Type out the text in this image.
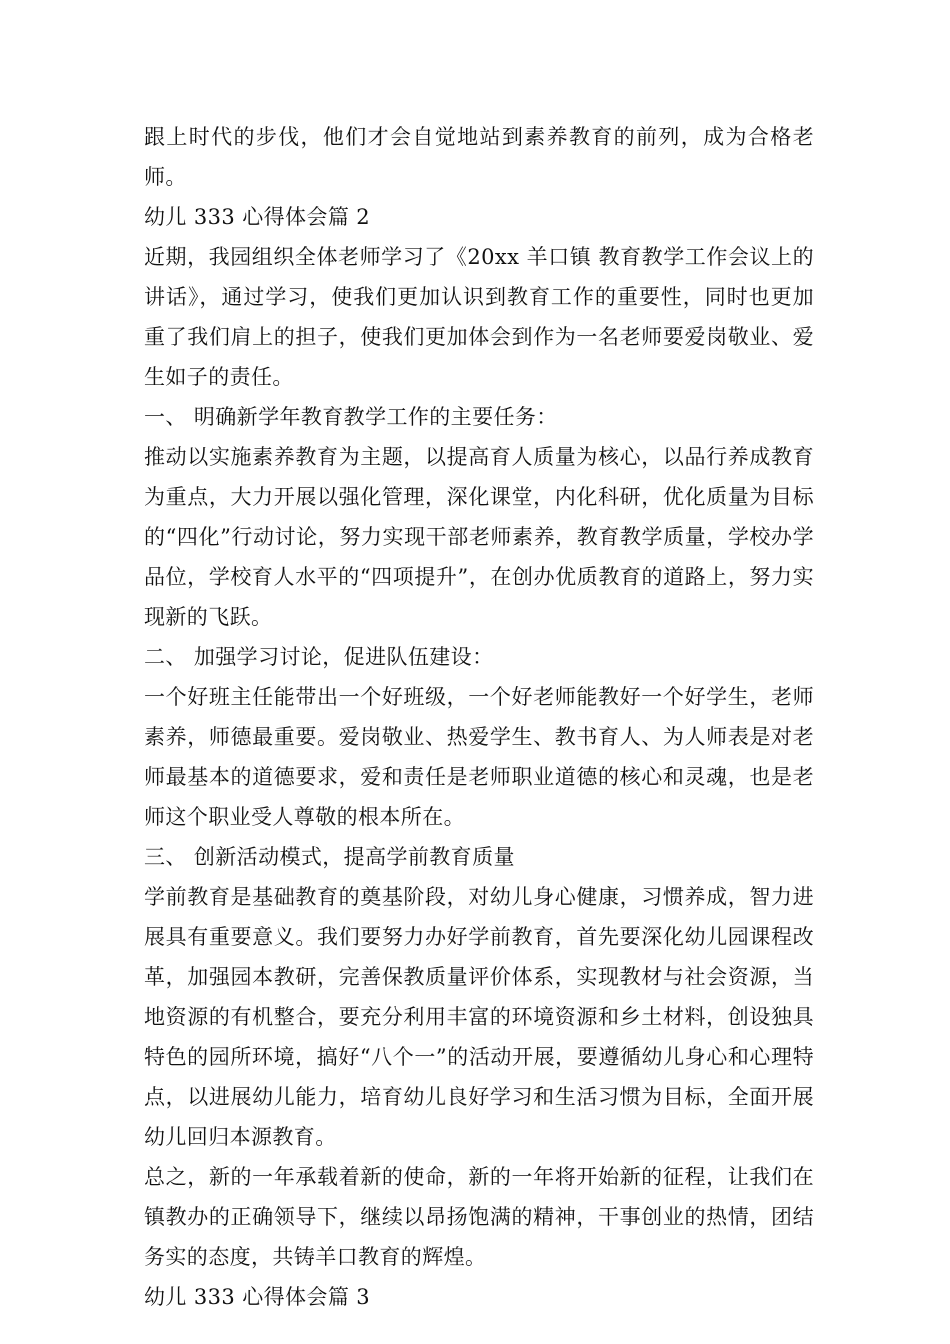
跟上时代的步伐，他们才会自觉地站到素养教育的前列，成为合格老师。

幼儿 333 心得体会篇 2

近期，我园组织全体老师学习了《20xx 羊口镇 教育教学工作会议上的讲话》，通过学习，使我们更加认识到教育工作的重要性，同时也更加重了我们肩上的担子，使我们更加体会到作为一名老师要爱岗敬业、爱生如子的责任。

一、 明确新学年教育教学工作的主要任务：

推动以实施素养教育为主题，以提高育人质量为核心，以品行养成教育为重点，大力开展以强化管理，深化课堂，内化科研，优化质量为目标的“四化”行动讨论，努力实现干部老师素养，教育教学质量，学校办学品位，学校育人水平的“四项提升”，在创办优质教育的道路上，努力实现新的飞跃。

二、 加强学习讨论，促进队伍建设：

一个好班主任能带出一个好班级，一个好老师能教好一个好学生，老师素养，师德最重要。爱岗敬业、热爱学生、教书育人、为人师表是对老师最基本的道德要求，爱和责任是老师职业道德的核心和灵魂，也是老师这个职业受人尊敬的根本所在。

三、 创新活动模式，提高学前教育质量

学前教育是基础教育的奠基阶段，对幼儿身心健康，习惯养成，智力进展具有重要意义。我们要努力办好学前教育，首先要深化幼儿园课程改革，加强园本教研，完善保教质量评价体系，实现教材与社会资源，当地资源的有机整合，要充分利用丰富的环境资源和乡土材料，创设独具特色的园所环境，搞好“八个一”的活动开展，要遵循幼儿身心和心理特点，以进展幼儿能力，培育幼儿良好学习和生活习惯为目标，全面开展幼儿回归本源教育。

总之，新的一年承载着新的使命，新的一年将开始新的征程，让我们在镇教办的正确领导下，继续以昂扬饱满的精神，干事创业的热情，团结务实的态度，共铸羊口教育的辉煌。

幼儿 333 心得体会篇 3
